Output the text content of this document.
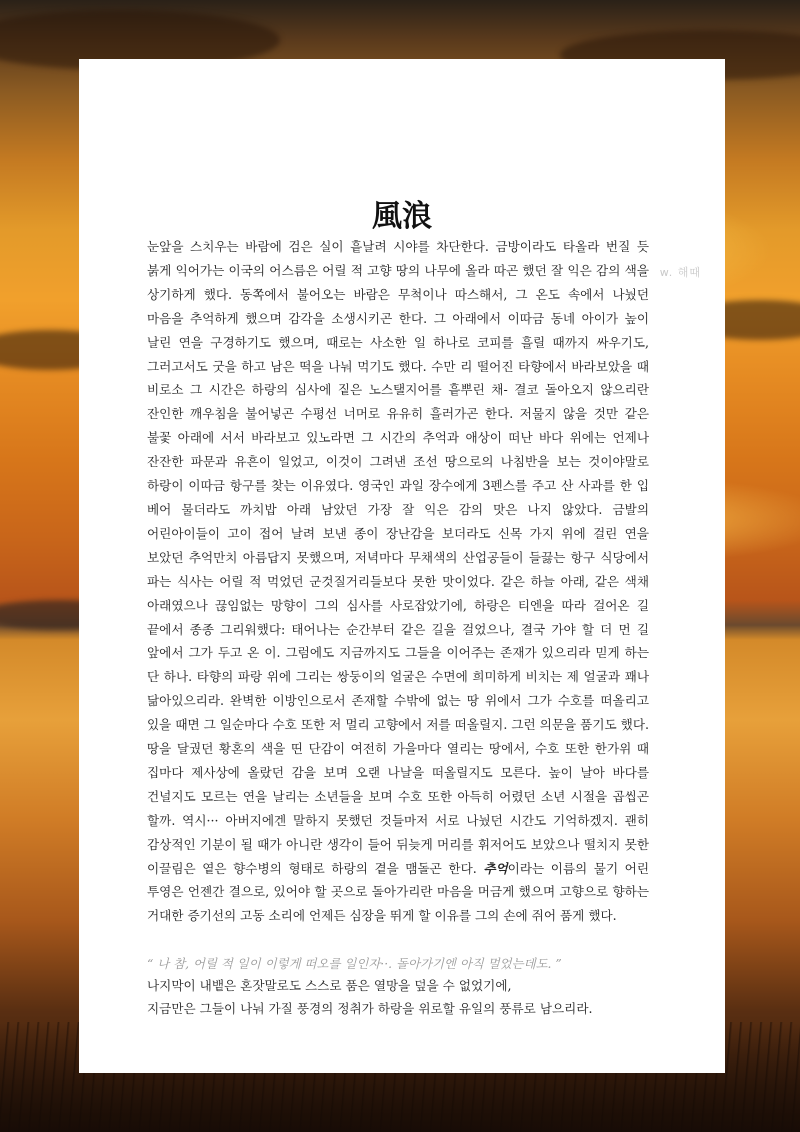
風浪
w. 해때

눈앞을 스치우는 바람에 검은 실이 흩날려 시야를 차단한다. 금방이라도 타올라 번질 듯 붉게 익어가는 이국의 어스름은 어릴 적 고향 땅의 나무에 올라 따곤 했던 잘 익은 감의 색을 상기하게 했다. 동쪽에서 불어오는 바람은 무척이나 따스해서, 그 온도 속에서 나눴던 마음을 추억하게 했으며 감각을 소생시키곤 한다. 그 아래에서 이따금 동네 아이가 높이 날린 연을 구경하기도 했으며, 때로는 사소한 일 하나로 코피를 흘릴 때까지 싸우기도, 그러고서도 굿을 하고 남은 떡을 나눠 먹기도 했다. 수만 리 떨어진 타향에서 바라보았을 때 비로소 그 시간은 하랑의 심사에 짙은 노스탤지어를 흩뿌린 채- 결코 돌아오지 않으리란 잔인한 깨우침을 불어넣곤 수평선 너머로 유유히 흘러가곤 한다. 저물지 않을 것만 같은 불꽃 아래에 서서 바라보고 있노라면 그 시간의 추억과 애상이 떠난 바다 위에는 언제나 잔잔한 파문과 유흔이 일었고, 이것이 그려낸 조선 땅으로의 나침반을 보는 것이야말로 하랑이 이따금 항구를 찾는 이유였다. 영국인 과일 장수에게 3펜스를 주고 산 사과를 한 입 베어 물더라도 까치밥 아래 남았던 가장 잘 익은 감의 맛은 나지 않았다. 금발의 어린아이들이 고이 접어 날려 보낸 종이 장난감을 보더라도 신목 가지 위에 걸린 연을 보았던 추억만치 아름답지 못했으며, 저녁마다 무채색의 산업공들이 들끓는 항구 식당에서 파는 식사는 어릴 적 먹었던 군것질거리들보다 못한 맛이었다. 같은 하늘 아래, 같은 색채 아래였으나 끊임없는 망향이 그의 심사를 사로잡았기에, 하랑은 티엔을 따라 걸어온 길 끝에서 종종 그리워했다: 태어나는 순간부터 같은 길을 걸었으나, 결국 가야 할 더 먼 길 앞에서 그가 두고 온 이. 그럼에도 지금까지도 그들을 이어주는 존재가 있으리라 믿게 하는 단 하나. 타향의 파랑 위에 그리는 쌍둥이의 얼굴은 수면에 희미하게 비치는 제 얼굴과 꽤나 닮아있으리라. 완벽한 이방인으로서 존재할 수밖에 없는 땅 위에서 그가 수호를 떠올리고 있을 때면 그 일순마다 수호 또한 저 멀리 고향에서 저를 떠올릴지. 그런 의문을 품기도 했다. 땅을 달궜던 황혼의 색을 띤 단감이 여전히 가을마다 열리는 땅에서, 수호 또한 한가위 때 집마다 제사상에 올랐던 감을 보며 오랜 나날을 떠올릴지도 모른다. 높이 날아 바다를 건널지도 모르는 연을 날리는 소년들을 보며 수호 또한 아득히 어렸던 소년 시절을 곱씹곤 할까. 역시··· 아버지에겐 말하지 못했던 것들마저 서로 나눴던 시간도 기억하겠지. 괜히 감상적인 기분이 될 때가 아니란 생각이 들어 뒤늦게 머리를 휘저어도 보았으나 떨치지 못한 이끌림은 옅은 향수병의 형태로 하랑의 곁을 맴돌곤 한다. 추억이라는 이름의 물기 어린 투영은 언젠간 결으로, 있어야 할 곳으로 돌아가리란 마음을 머금게 했으며 고향으로 향하는 거대한 증기선의 고동 소리에 언제든 심장을 뛰게 할 이유를 그의 손에 쥐어 품게 했다.

“ 나 참, 어릴 적 일이 이렇게 떠오를 일인자··. 돌아가기엔 아직 멀었는데도. ”

나지막이 내뱉은 혼잣말로도 스스로 품은 열망을 덮을 수 없었기에,
지금만은 그들이 나눠 가질 풍경의 정취가 하랑을 위로할 유일의 풍류로 남으리라.
